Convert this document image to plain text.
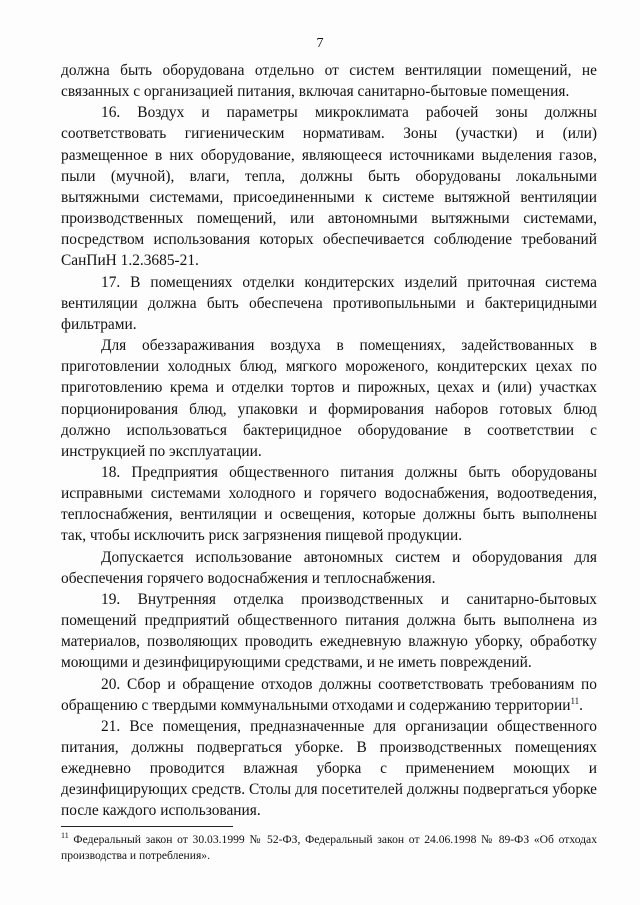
7

должна быть оборудована отдельно от систем вентиляции помещений, не связанных с организацией питания, включая санитарно-бытовые помещения.

16. Воздух и параметры микроклимата рабочей зоны должны соответствовать гигиеническим нормативам. Зоны (участки) и (или) размещенное в них оборудование, являющееся источниками выделения газов, пыли (мучной), влаги, тепла, должны быть оборудованы локальными вытяжными системами, присоединенными к системе вытяжной вентиляции производственных помещений, или автономными вытяжными системами, посредством использования которых обеспечивается соблюдение требований СанПиН 1.2.3685-21.

17. В помещениях отделки кондитерских изделий приточная система вентиляции должна быть обеспечена противопыльными и бактерицидными фильтрами.

Для обеззараживания воздуха в помещениях, задействованных в приготовлении холодных блюд, мягкого мороженого, кондитерских цехах по приготовлению крема и отделки тортов и пирожных, цехах и (или) участках порционирования блюд, упаковки и формирования наборов готовых блюд должно использоваться бактерицидное оборудование в соответствии с инструкцией по эксплуатации.

18. Предприятия общественного питания должны быть оборудованы исправными системами холодного и горячего водоснабжения, водоотведения, теплоснабжения, вентиляции и освещения, которые должны быть выполнены так, чтобы исключить риск загрязнения пищевой продукции.

Допускается использование автономных систем и оборудования для обеспечения горячего водоснабжения и теплоснабжения.

19. Внутренняя отделка производственных и санитарно-бытовых помещений предприятий общественного питания должна быть выполнена из материалов, позволяющих проводить ежедневную влажную уборку, обработку моющими и дезинфицирующими средствами, и не иметь повреждений.

20. Сбор и обращение отходов должны соответствовать требованиям по обращению с твердыми коммунальными отходами и содержанию территории$^{11}$.

21. Все помещения, предназначенные для организации общественного питания, должны подвергаться уборке. В производственных помещениях ежедневно проводится влажная уборка с применением моющих и дезинфицирующих средств. Столы для посетителей должны подвергаться уборке после каждого использования.

$^{11}$ Федеральный закон от 30.03.1999 № 52-ФЗ, Федеральный закон от 24.06.1998 № 89-ФЗ «Об отходах производства и потребления».
